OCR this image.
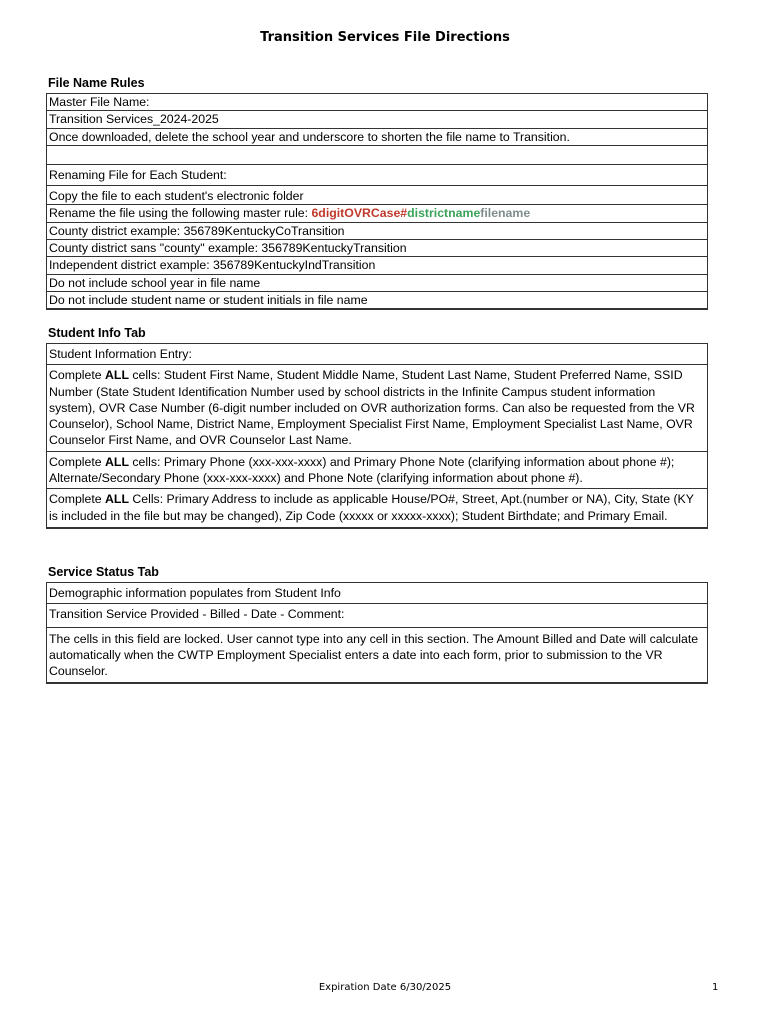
Transition Services File Directions
File Name Rules
Master File Name:
Transition Services_2024-2025
Once downloaded, delete the school year and underscore to shorten the file name to Transition.

Renaming File for Each Student:
Copy the file to each student's electronic folder
Rename the file using the following master rule: 6digitOVRCase#districtnamefilename
County district example: 356789KentuckyCoTransition
County district sans "county" example: 356789KentuckyTransition
Independent district example: 356789KentuckyIndTransition
Do not include school year in file name
Do not include student name or student initials in file name
Student Info Tab
Student Information Entry:
Complete ALL cells: Student First Name, Student Middle Name, Student Last Name, Student Preferred Name, SSID Number (State Student Identification Number used by school districts in the Infinite Campus student information system), OVR Case Number (6-digit number included on OVR authorization forms. Can also be requested from the VR Counselor), School Name, District Name, Employment Specialist First Name, Employment Specialist Last Name, OVR Counselor First Name, and OVR Counselor Last Name.
Complete ALL cells: Primary Phone (xxx-xxx-xxxx) and Primary Phone Note (clarifying information about phone #); Alternate/Secondary Phone (xxx-xxx-xxxx) and Phone Note (clarifying information about phone #).
Complete ALL Cells: Primary Address to include as applicable House/PO#, Street, Apt.(number or NA), City, State (KY is included in the file but may be changed), Zip Code (xxxxx or xxxxx-xxxx); Student Birthdate; and Primary Email.
Service Status Tab
Demographic information populates from Student Info
Transition Service Provided - Billed - Date - Comment:
The cells in this field are locked. User cannot type into any cell in this section. The Amount Billed and Date will calculate automatically when the CWTP Employment Specialist enters a date into each form, prior to submission to the VR Counselor.
Expiration Date 6/30/2025	1
